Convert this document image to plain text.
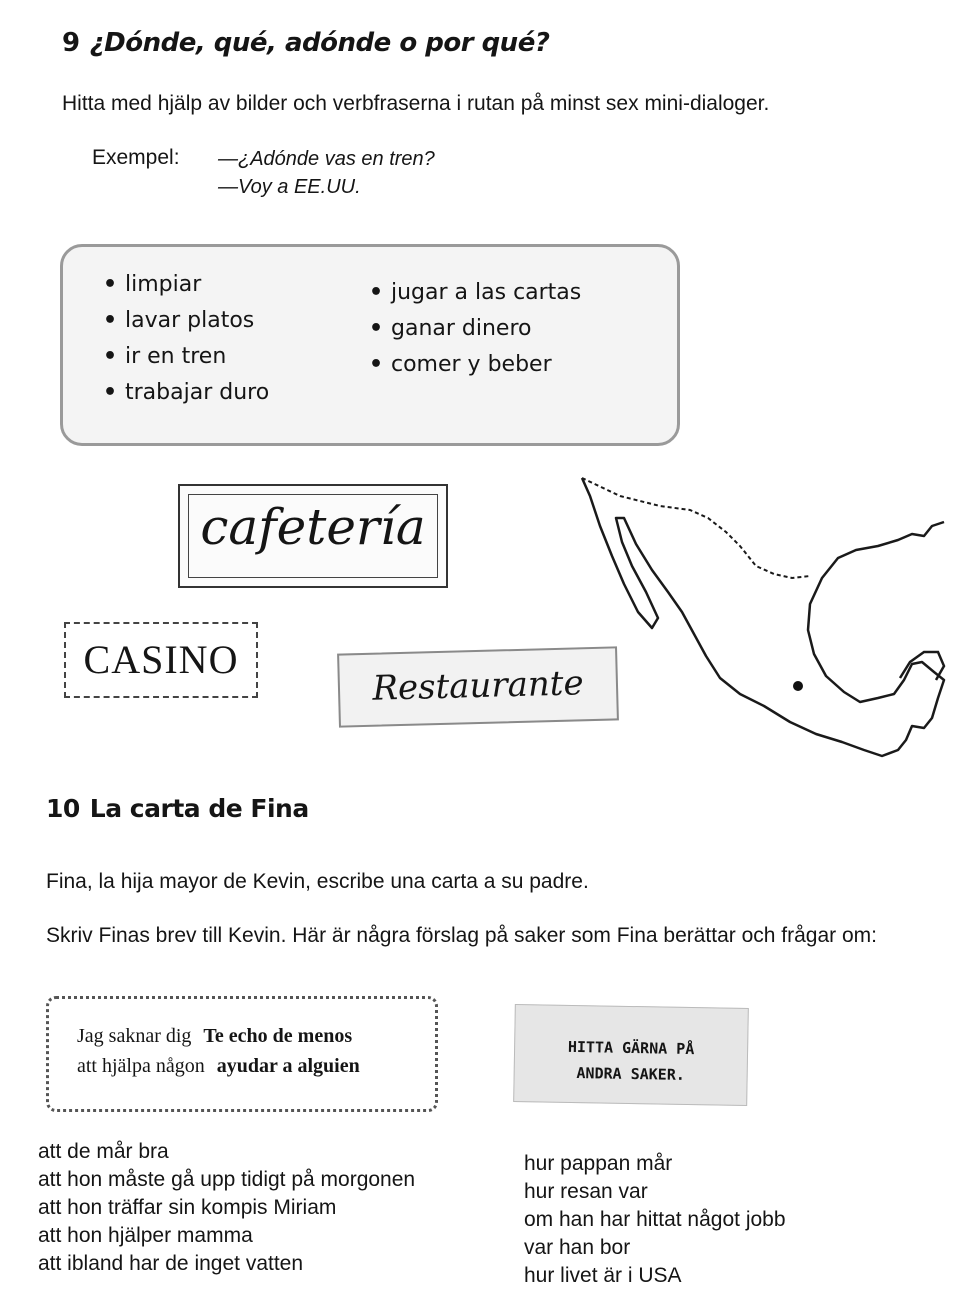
9 ¿Dónde, qué, adónde o por qué?
Hitta med hjälp av bilder och verbfraserna i rutan på minst sex mini-dialoger.
Exempel: —¿Adónde vas en tren?
—Voy a EE.UU.
• limpiar
• lavar platos
• ir en tren
• trabajar duro
• jugar a las cartas
• ganar dinero
• comer y beber
cafetería
CASINO
Restaurante
10 La carta de Fina
Fina, la hija mayor de Kevin, escribe una carta a su padre.
Skriv Finas brev till Kevin. Här är några förslag på saker som Fina berättar och frågar om:
Jag saknar dig Te echo de menos
att hjälpa någon ayudar a alguien
HITTA GÄRNA PÅ
ANDRA SAKER.
att de mår bra
att hon måste gå upp tidigt på morgonen
att hon träffar sin kompis Miriam
att hon hjälper mamma
att ibland har de inget vatten
hur pappan mår
hur resan var
om han har hittat något jobb
var han bor
hur livet är i USA
